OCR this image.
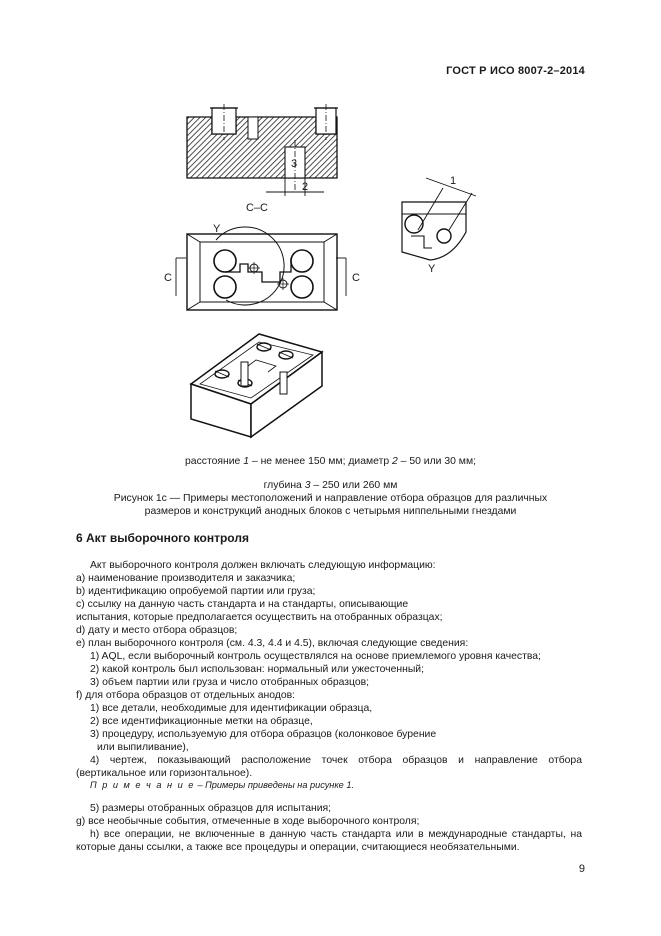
ГОСТ Р ИСО 8007-2–2014
3
2
С–С
Y
С	С
1
Y
расстояние 1 – не менее 150 мм; диаметр 2 – 50 или 30 мм;
глубина 3 – 250 или 260 мм
Рисунок 1с — Примеры местоположений и направление отбора образцов для различных
размеров и конструкций анодных блоков с четырьмя ниппельными гнездами
6 Акт выборочного контроля
Акт выборочного контроля должен включать следующую информацию:
а) наименование производителя и заказчика;
b) идентификацию опробуемой партии или груза;
с) ссылку на данную часть стандарта и на стандарты, описывающие
испытания, которые предполагается осуществить на отобранных образцах;
d) дату и место отбора образцов;
е) план выборочного контроля (см. 4.3, 4.4 и 4.5), включая следующие сведения:
1) AQL, если выборочный контроль осуществлялся на основе приемлемого уровня качества;
2) какой контроль был использован: нормальный или ужесточенный;
3) объем партии или груза и число отобранных образцов;
f) для отбора образцов от отдельных анодов:
1) все детали, необходимые для идентификации образца,
2) все идентификационные метки на образце,
3) процедуру, используемую для отбора образцов (колонковое бурение
или выпиливание),
4) чертеж, показывающий расположение точек отбора образцов и направление отбора
(вертикальное или горизонтальное).
П р и м е ч а н и е – Примеры приведены на рисунке 1.
5) размеры отобранных образцов для испытания;
g) все необычные события, отмеченные в ходе выборочного контроля;
h) все операции, не включенные в данную часть стандарта или в международные стандарты, на
которые даны ссылки, а также все процедуры и операции, считающиеся необязательными.
9
